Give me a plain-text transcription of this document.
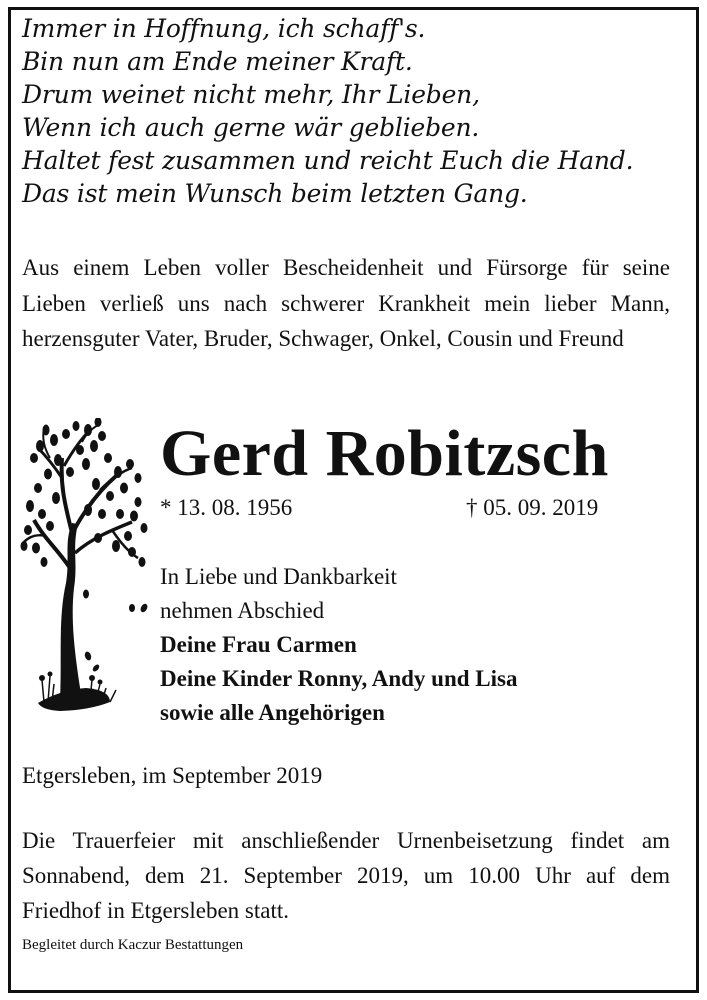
Immer in Hoffnung, ich schaff's.
Bin nun am Ende meiner Kraft.
Drum weinet nicht mehr, Ihr Lieben,
Wenn ich auch gerne wär geblieben.
Haltet fest zusammen und reicht Euch die Hand.
Das ist mein Wunsch beim letzten Gang.
Aus einem Leben voller Bescheidenheit und Fürsorge für seine Lieben verließ uns nach schwerer Krankheit mein lieber Mann, herzensguter Vater, Bruder, Schwager, Onkel, Cousin und Freund
Gerd Robitzsch
* 13. 08. 1956	† 05. 09. 2019
In Liebe und Dankbarkeit
nehmen Abschied
Deine Frau Carmen
Deine Kinder Ronny, Andy und Lisa
sowie alle Angehörigen
Etgersleben, im September 2019
Die Trauerfeier mit anschließender Urnenbeisetzung findet am Sonnabend, dem 21. September 2019, um 10.00 Uhr auf dem Friedhof in Etgersleben statt.
Begleitet durch Kaczur Bestattungen
